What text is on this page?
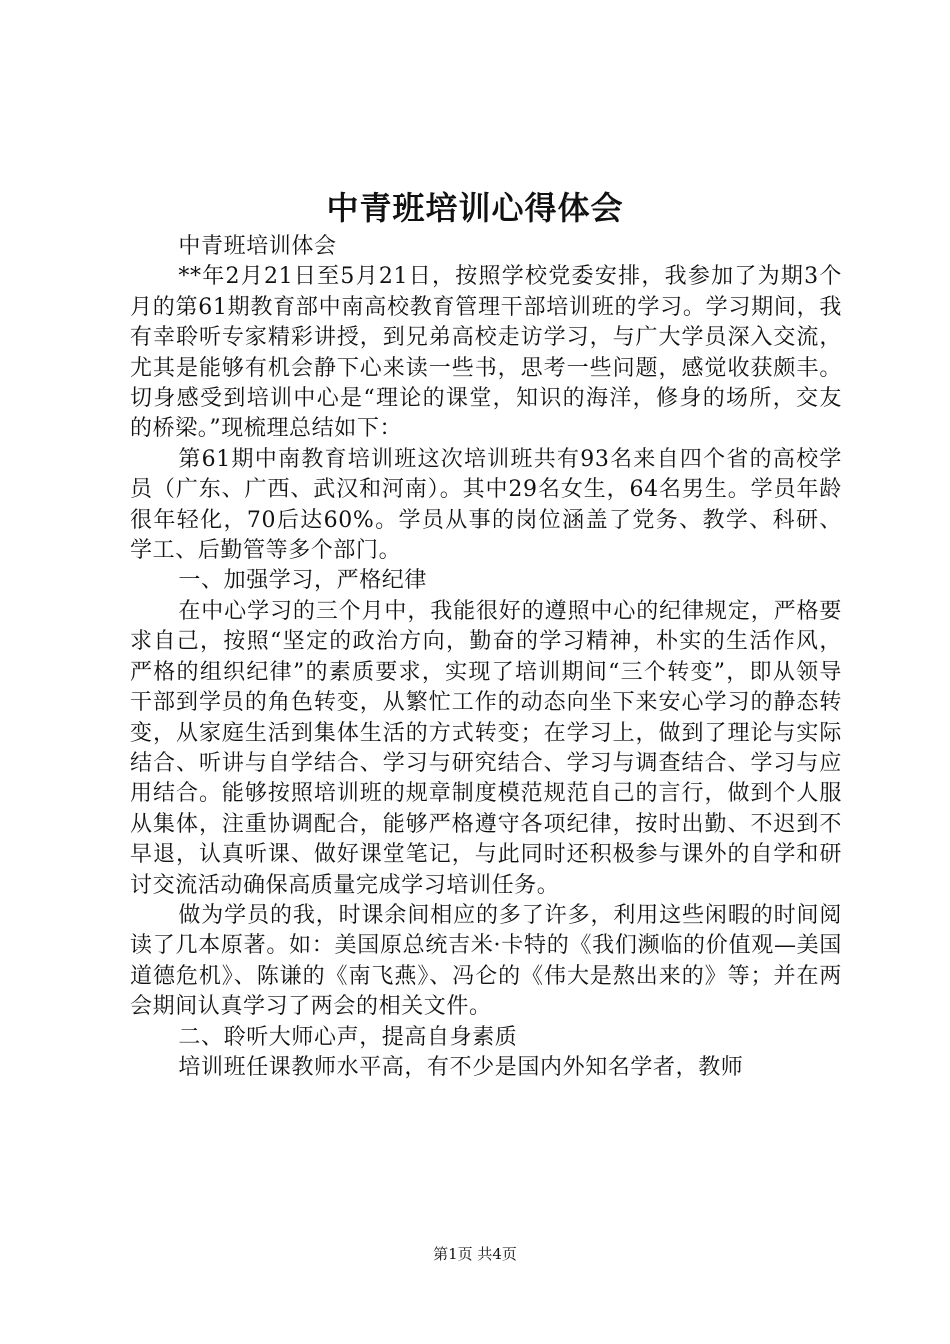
中青班培训心得体会

中青班培训体会

**年2月21日至5月21日，按照学校党委安排，我参加了为期3个月的第61期教育部中南高校教育管理干部培训班的学习。学习期间，我有幸聆听专家精彩讲授，到兄弟高校走访学习，与广大学员深入交流，尤其是能够有机会静下心来读一些书，思考一些问题，感觉收获颇丰。切身感受到培训中心是“理论的课堂，知识的海洋，修身的场所，交友的桥梁。”现梳理总结如下：

第61期中南教育培训班这次培训班共有93名来自四个省的高校学员（广东、广西、武汉和河南）。其中29名女生，64名男生。学员年龄很年轻化，70后达60%。学员从事的岗位涵盖了党务、教学、科研、学工、后勤管等多个部门。

一、加强学习，严格纪律

在中心学习的三个月中，我能很好的遵照中心的纪律规定，严格要求自己，按照“坚定的政治方向，勤奋的学习精神，朴实的生活作风，严格的组织纪律”的素质要求，实现了培训期间“三个转变”，即从领导干部到学员的角色转变，从繁忙工作的动态向坐下来安心学习的静态转变，从家庭生活到集体生活的方式转变；在学习上，做到了理论与实际结合、听讲与自学结合、学习与研究结合、学习与调查结合、学习与应用结合。能够按照培训班的规章制度模范规范自己的言行，做到个人服从集体，注重协调配合，能够严格遵守各项纪律，按时出勤、不迟到不早退，认真听课、做好课堂笔记，与此同时还积极参与课外的自学和研讨交流活动确保高质量完成学习培训任务。

做为学员的我，时课余间相应的多了许多，利用这些闲暇的时间阅读了几本原著。如：美国原总统吉米·卡特的《我们濒临的价值观—美国道德危机》、陈谦的《南飞燕》、冯仑的《伟大是熬出来的》等；并在两会期间认真学习了两会的相关文件。

二、聆听大师心声，提高自身素质

培训班任课教师水平高，有不少是国内外知名学者，教师

第1页 共4页
